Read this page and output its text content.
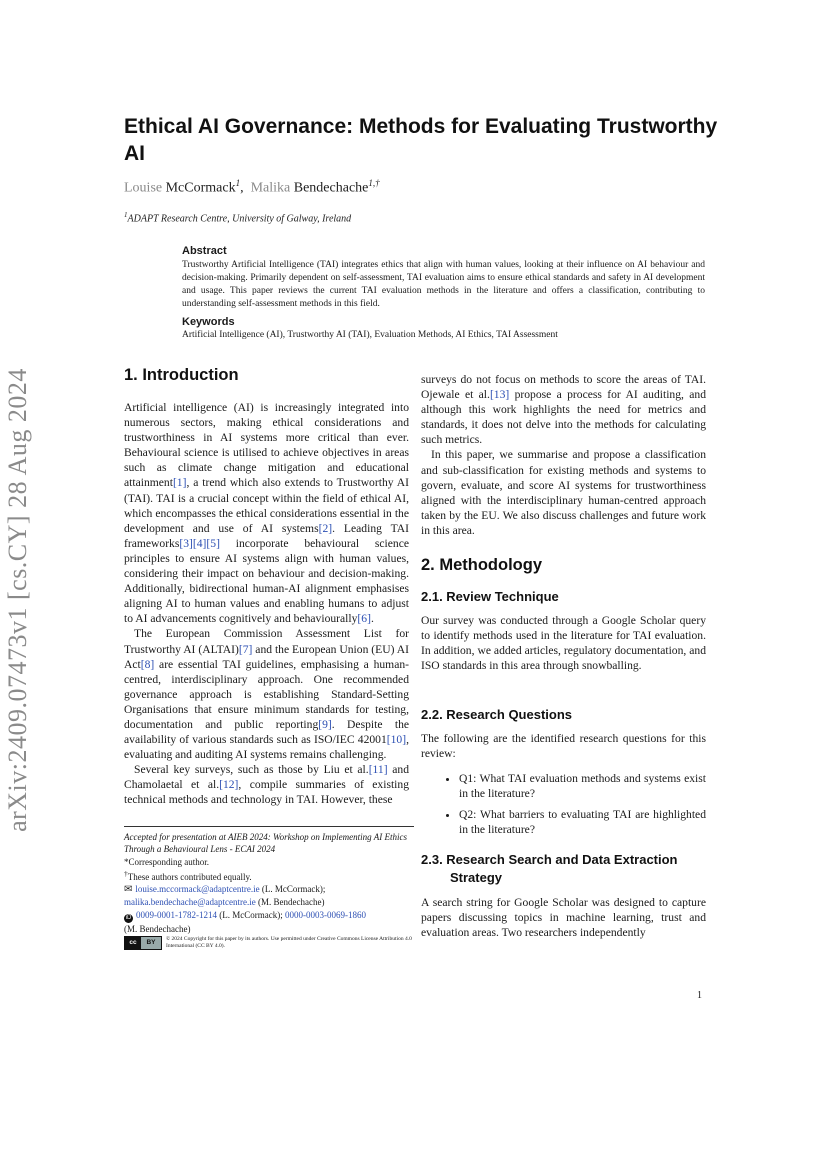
arXiv:2409.07473v1 [cs.CY] 28 Aug 2024
Ethical AI Governance: Methods for Evaluating Trustworthy AI
Louise McCormack$^1$,  Malika Bendechache$^{1,\dagger}$
$^1$ADAPT Research Centre, University of Galway, Ireland
Abstract
Trustworthy Artificial Intelligence (TAI) integrates ethics that align with human values, looking at their influence on AI behaviour and decision-making. Primarily dependent on self-assessment, TAI evaluation aims to ensure ethical standards and safety in AI development and usage. This paper reviews the current TAI evaluation methods in the literature and offers a classification, contributing to understanding self-assessment methods in this field.
Keywords
Artificial Intelligence (AI), Trustworthy AI (TAI), Evaluation Methods, AI Ethics, TAI Assessment
1. Introduction

Artificial intelligence (AI) is increasingly integrated into numerous sectors, making ethical considerations and trustworthiness in AI systems more critical than ever. Behavioural science is utilised to achieve objectives in areas such as climate change mitigation and educational attainment[1], a trend which also extends to Trustworthy AI (TAI). TAI is a crucial concept within the field of ethical AI, which encompasses the ethical considerations essential in the development and use of AI systems[2]. Leading TAI frameworks[3][4][5] incorporate behavioural science principles to ensure AI systems align with human values, considering their impact on behaviour and decision-making. Additionally, bidirectional human-AI alignment emphasises aligning AI to human values and enabling humans to adjust to AI advancements cognitively and behaviourally[6].

The European Commission Assessment List for Trustworthy AI (ALTAI)[7] and the European Union (EU) AI Act[8] are essential TAI guidelines, emphasising a human-centred, interdisciplinary approach. One recommended governance approach is establishing Standard-Setting Organisations that ensure minimum standards for testing, documentation and public reporting[9]. Despite the availability of various standards such as ISO/IEC 42001[10], evaluating and auditing AI systems remains challenging.

Several key surveys, such as those by Liu et al.[11] and Chamolaetal et al.[12], compile summaries of existing technical methods and technology in TAI. However, these

surveys do not focus on methods to score the areas of TAI. Ojewale et al.[13] propose a process for AI auditing, and although this work highlights the need for metrics and standards, it does not delve into the methods for calculating such metrics.

In this paper, we summarise and propose a classification and sub-classification for existing methods and systems to govern, evaluate, and score AI systems for trustworthiness aligned with the interdisciplinary human-centred approach taken by the EU. We also discuss challenges and future work in this area.

2. Methodology
2.1. Review Technique

Our survey was conducted through a Google Scholar query to identify methods used in the literature for TAI evaluation. In addition, we added articles, regulatory documentation, and ISO standards in this area through snowballing.

2.2. Research Questions

The following are the identified research questions for this review:

• Q1: What TAI evaluation methods and systems exist in the literature?
• Q2: What barriers to evaluating TAI are highlighted in the literature?
2.3. Research Search and Data Extraction
Strategy

A search string for Google Scholar was designed to capture papers discussing topics in machine learning, trust and evaluation areas. Two researchers independently

Accepted for presentation at AIEB 2024: Workshop on Implementing AI Ethics Through a Behavioural Lens - ECAI 2024
*Corresponding author.
†These authors contributed equally.
✉ louise.mccormack@adaptcentre.ie (L. McCormack);
malika.bendechache@adaptcentre.ie (M. Bendechache)
iD 0009-0001-1782-1214 (L. McCormack); 0000-0003-0069-1860
(M. Bendechache)
cc	BY	© 2024 Copyright for this paper by its authors. Use permitted under Creative Commons License Attribution 4.0 International (CC BY 4.0).
1
